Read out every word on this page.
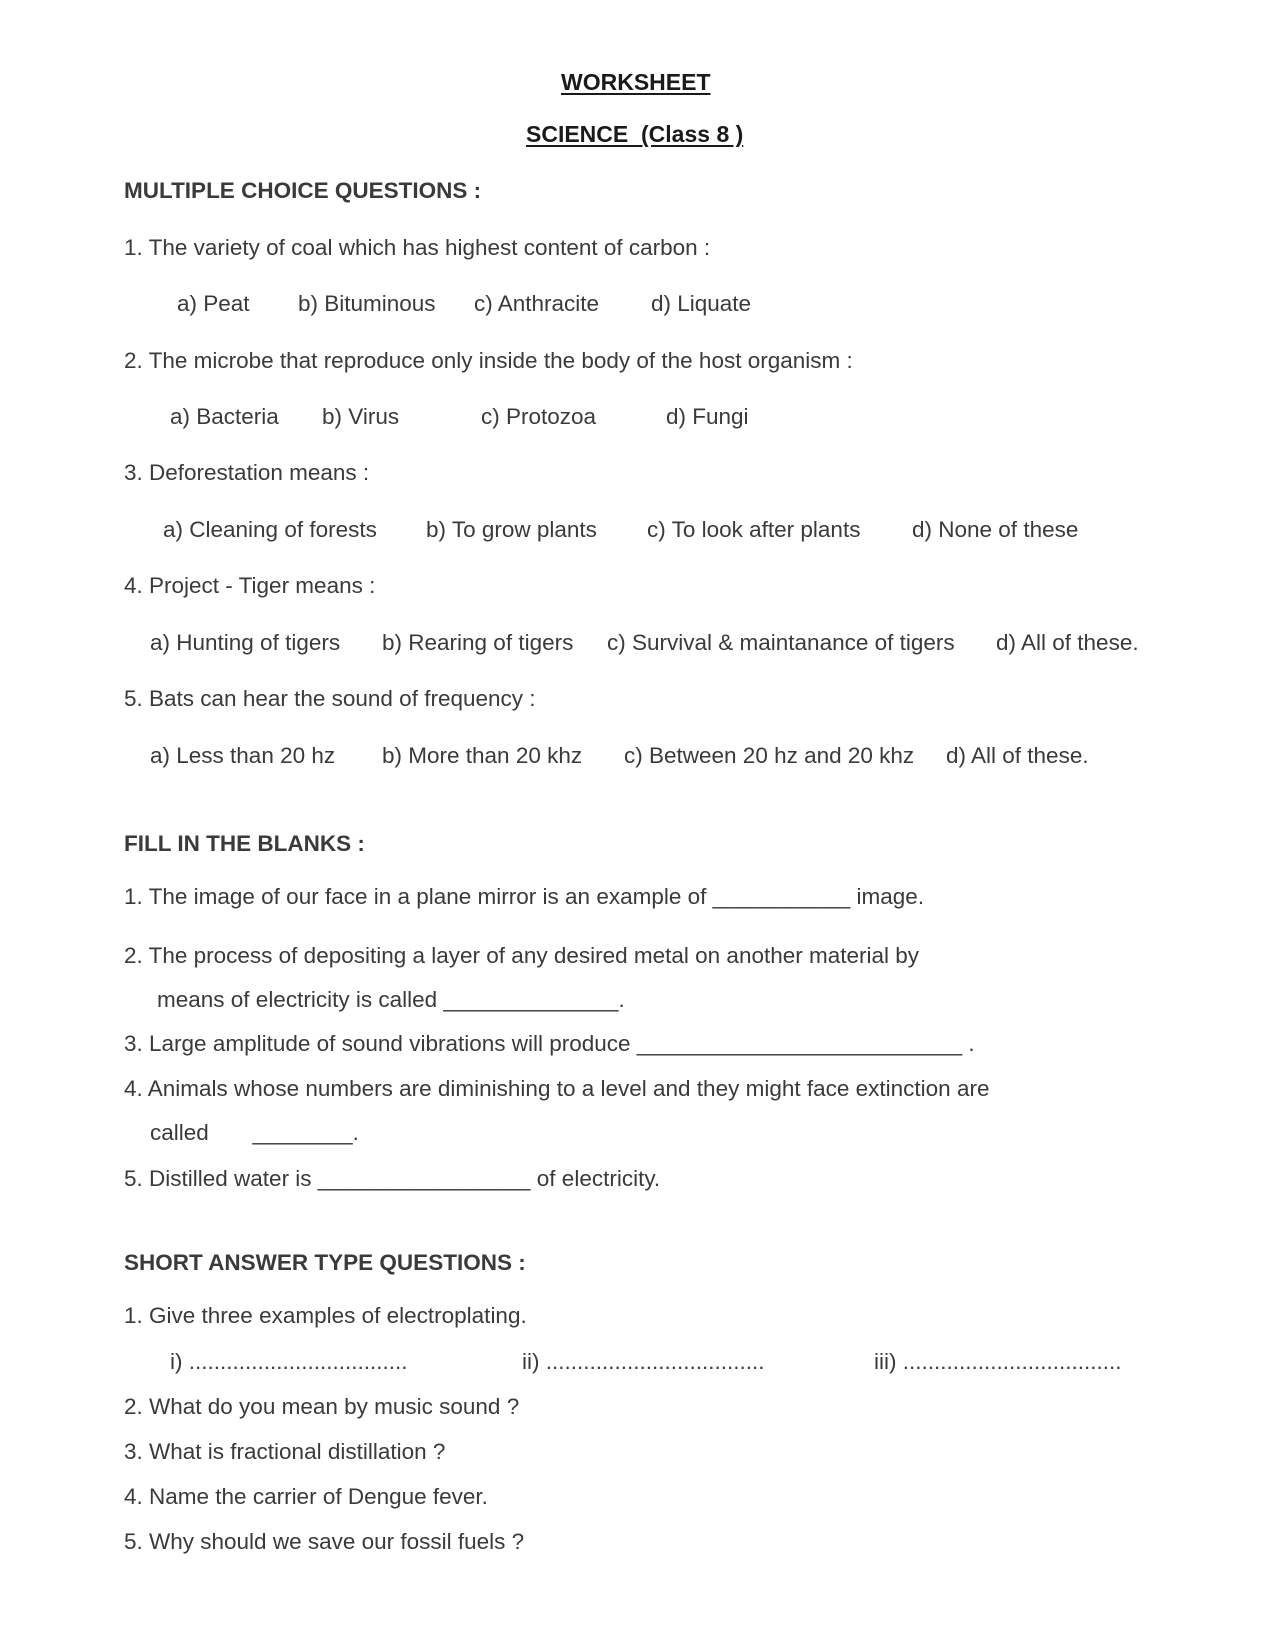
WORKSHEET
SCIENCE  (Class 8 )
MULTIPLE CHOICE QUESTIONS :
1. The variety of coal which has highest content of carbon :
a) Peat b) Bituminous c) Anthracite d) Liquate
2. The microbe that reproduce only inside the body of the host organism :
a) Bacteria b) Virus	c) Protozoa	d) Fungi
3. Deforestation means :
a) Cleaning of forests b) To grow plants c) To look after plants d) None of these
4. Project - Tiger means :
a) Hunting of tigers b) Rearing of tigers c) Survival & maintanance of tigers d) All of these.
5. Bats can hear the sound of frequency :
a) Less than 20 hz b) More than 20 khz c) Between 20 hz and 20 khz d) All of these.
FILL IN THE BLANKS :
1. The image of our face in a plane mirror is an example of ___________ image.
2. The process of depositing a layer of any desired metal on another material by
means of electricity is called ______________.
3. Large amplitude of sound vibrations will produce __________________________ .
4. Animals whose numbers are diminishing to a level and they might face extinction are
called       ________.
5. Distilled water is _________________ of electricity.
SHORT ANSWER TYPE QUESTIONS :
1. Give three examples of electroplating.
i) ...................................	ii) ...................................	iii) ...................................
2. What do you mean by music sound ?
3. What is fractional distillation ?
4. Name the carrier of Dengue fever.
5. Why should we save our fossil fuels ?
